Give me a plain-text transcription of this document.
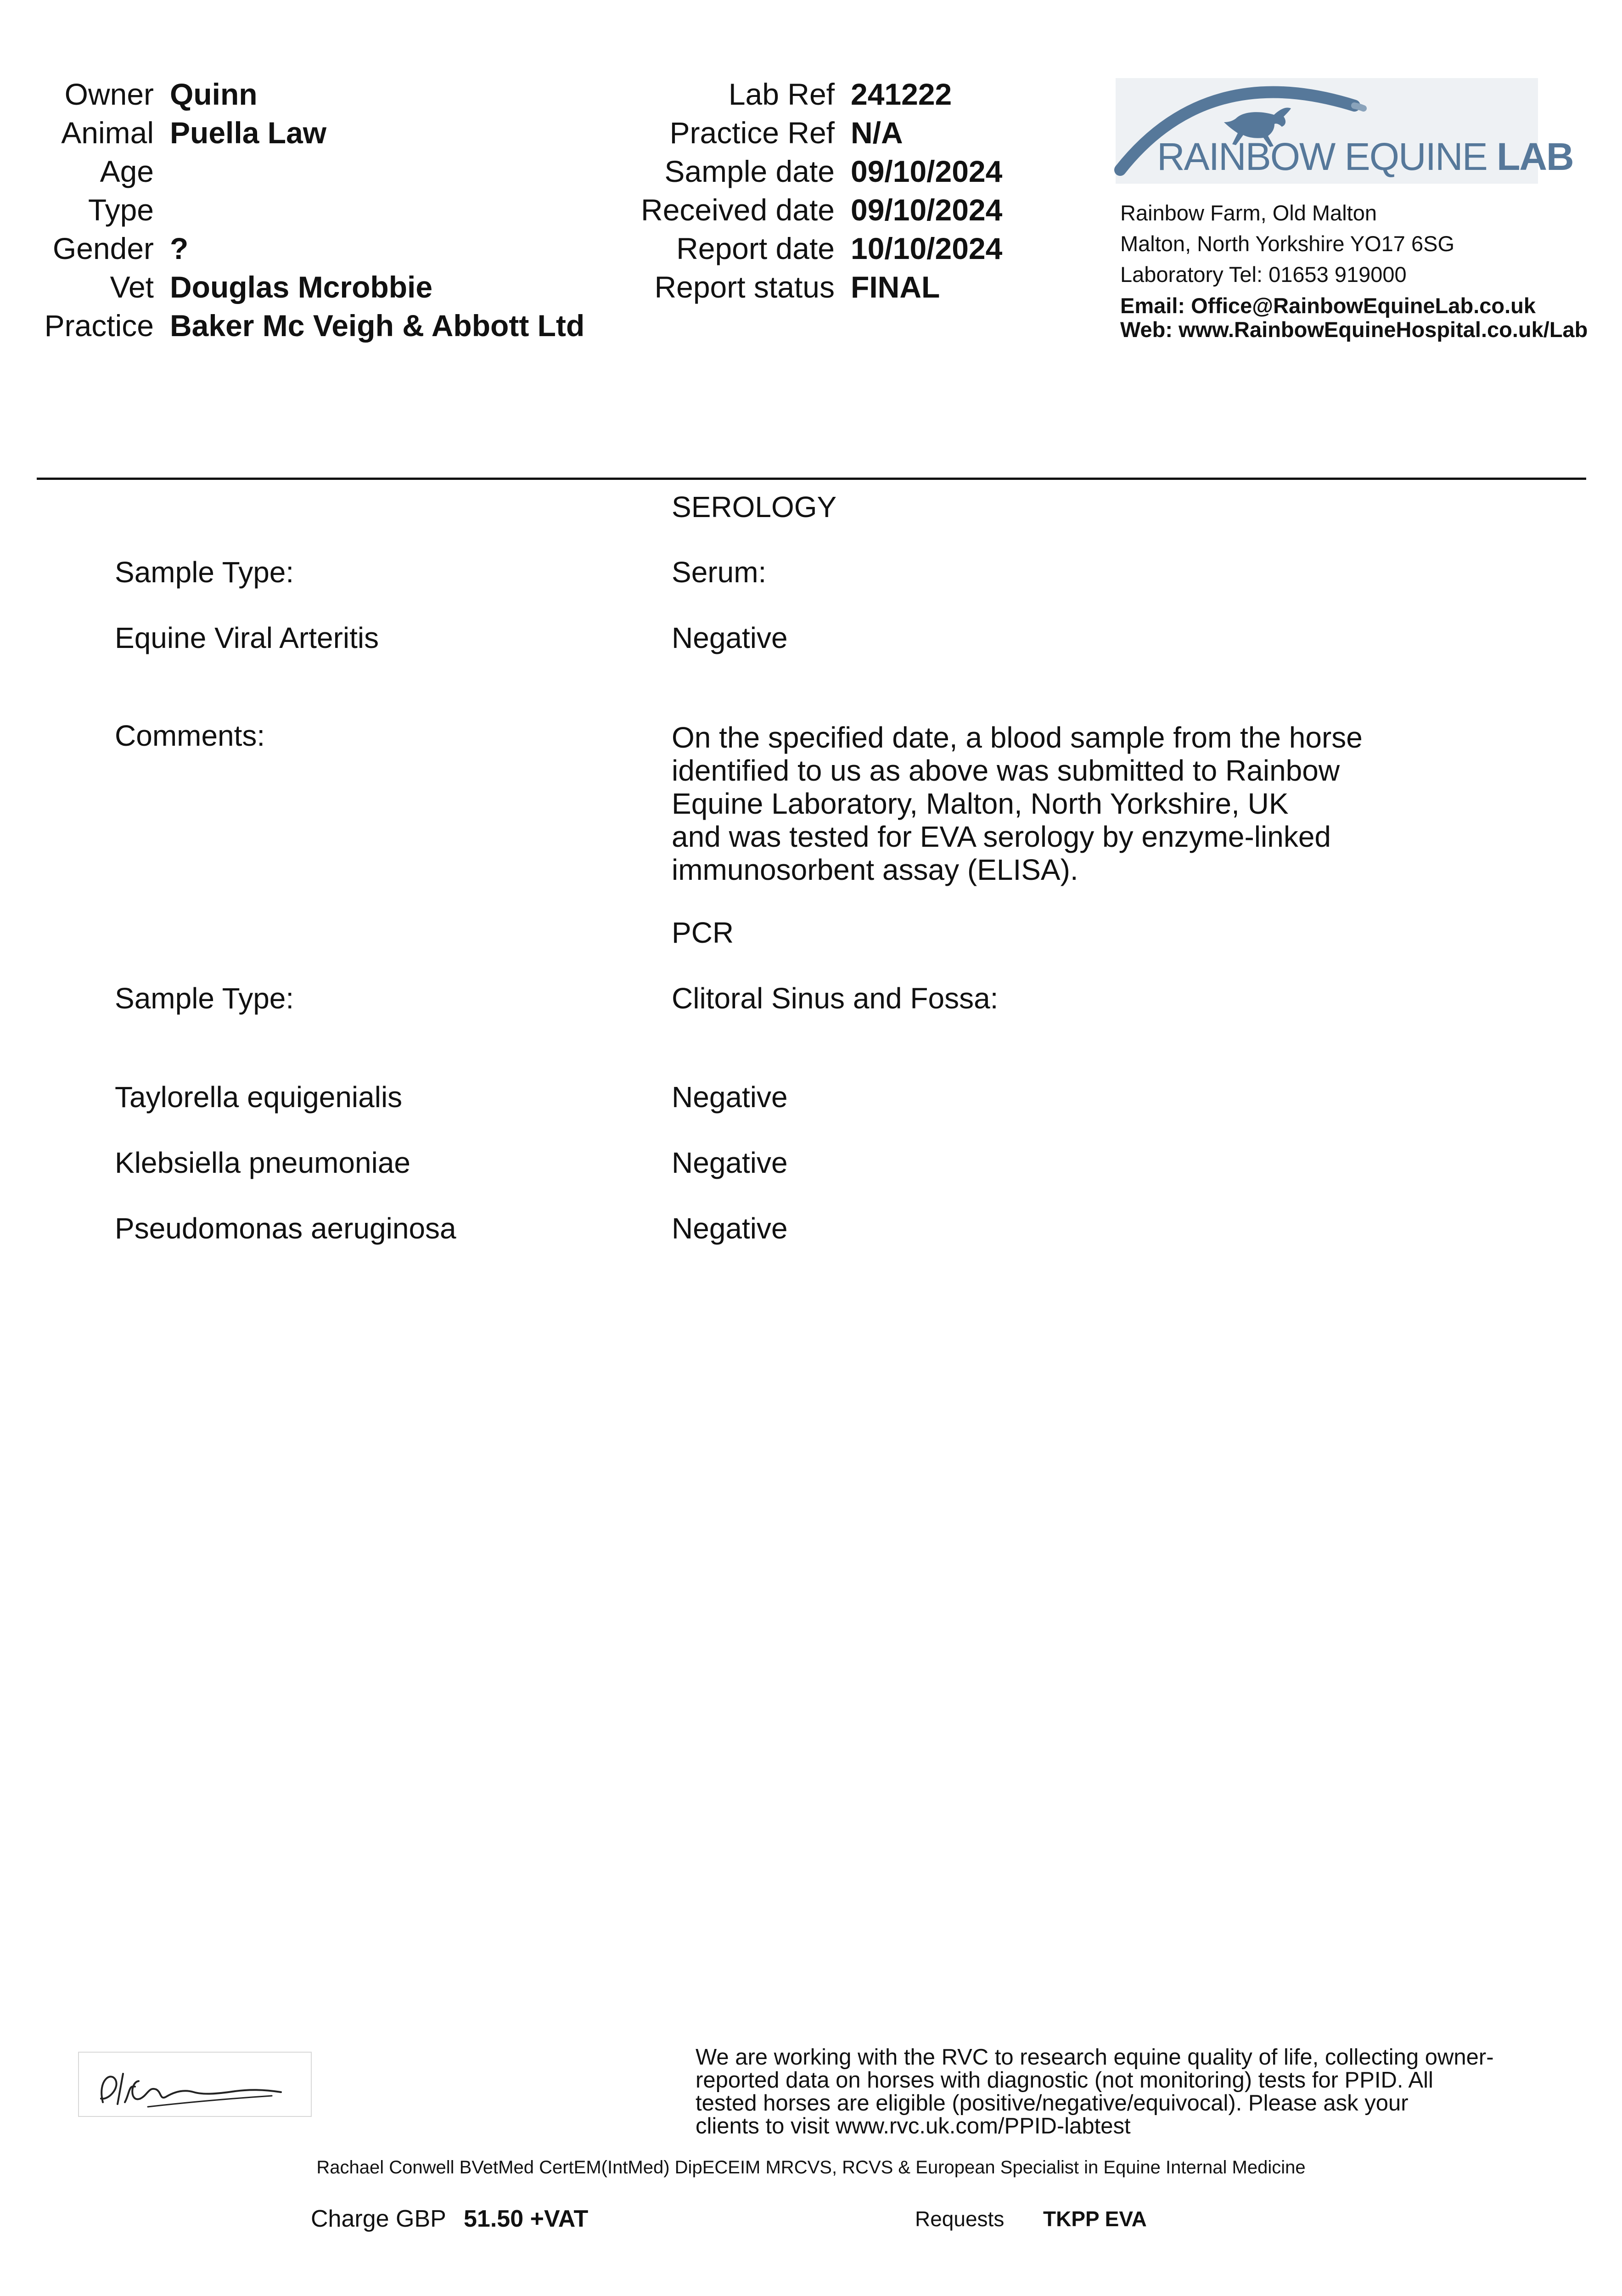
Owner Quinn
Animal Puella Law
Age
Type
Gender ?
Vet Douglas Mcrobbie
Practice Baker Mc Veigh & Abbott Ltd
Lab Ref 241222
Practice Ref N/A
Sample date 09/10/2024
Received date 09/10/2024
Report date 10/10/2024
Report status FINAL
RAINBOW EQUINE LAB
Rainbow Farm, Old Malton
Malton, North Yorkshire YO17 6SG
Laboratory Tel: 01653 919000
Email: Office@RainbowEquineLab.co.uk
Web: www.RainbowEquineHospital.co.uk/Lab
SEROLOGY
Sample Type:	Serum:
Equine Viral Arteritis	Negative
Comments:	On the specified date, a blood sample from the horse
identified to us as above was submitted to Rainbow
Equine Laboratory, Malton, North Yorkshire, UK
and was tested for EVA serology by enzyme-linked
immunosorbent assay (ELISA).
PCR
Sample Type:	Clitoral Sinus and Fossa:
Taylorella equigenialis	Negative
Klebsiella pneumoniae	Negative
Pseudomonas aeruginosa	Negative
We are working with the RVC to research equine quality of life, collecting owner-
reported data on horses with diagnostic (not monitoring) tests for PPID. All
tested horses are eligible (positive/negative/equivocal). Please ask your
clients to visit www.rvc.uk.com/PPID-labtest
Rachael Conwell BVetMed CertEM(IntMed) DipECEIM MRCVS, RCVS & European Specialist in Equine Internal Medicine
Charge GBP 51.50 +VAT	Requests TKPP EVA
